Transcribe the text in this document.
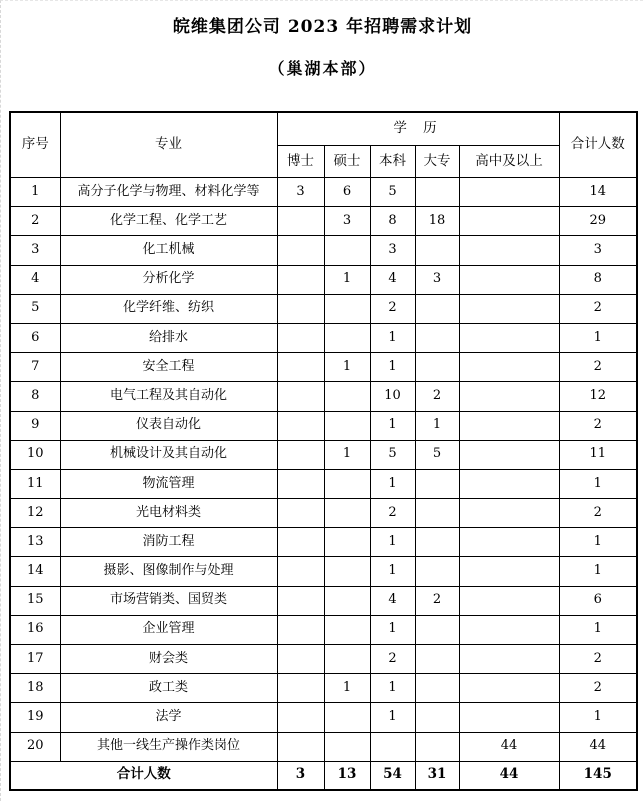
皖维集团公司 2023 年招聘需求计划
（巢湖本部）
序号	专业	学 历					合计人数
		博士	硕士	本科	大专	高中及以上	
1	高分子化学与物理、材料化学等	3	6	5			14
2	化学工程、化学工艺		3	8	18		29
3	化工机械			3			3
4	分析化学		1	4	3		8
5	化学纤维、纺织			2			2
6	给排水			1			1
7	安全工程		1	1			2
8	电气工程及其自动化			10	2		12
9	仪表自动化			1	1		2
10	机械设计及其自动化		1	5	5		11
11	物流管理			1			1
12	光电材料类			2			2
13	消防工程			1			1
14	摄影、图像制作与处理			1			1
15	市场营销类、国贸类			4	2		6
16	企业管理			1			1
17	财会类			2			2
18	政工类		1	1			2
19	法学			1			1
20	其他一线生产操作类岗位					44	44
合计人数		3	13	54	31	44	145
